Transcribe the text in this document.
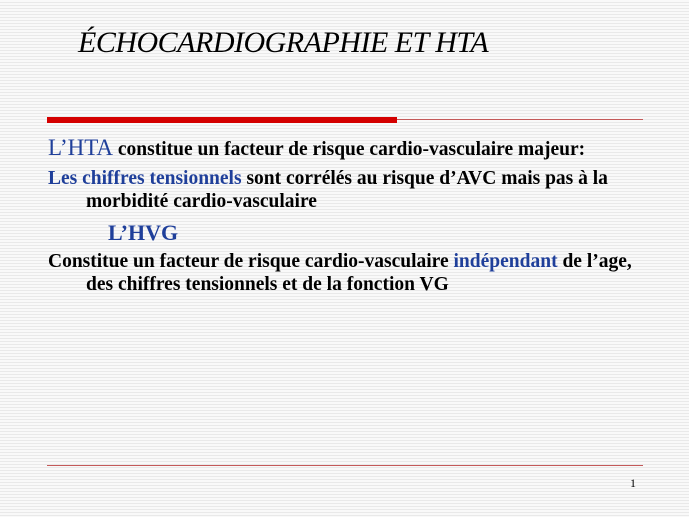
ÉCHOCARDIOGRAPHIE ET HTA

L’HTA constitue un facteur de risque cardio-vasculaire majeur:

Les chiffres tensionnels sont corrélés au risque d’AVC mais pas à la morbidité cardio-vasculaire

L’HVG

Constitue un facteur de risque cardio-vasculaire indépendant de l’age, des chiffres tensionnels et de la fonction VG

1
